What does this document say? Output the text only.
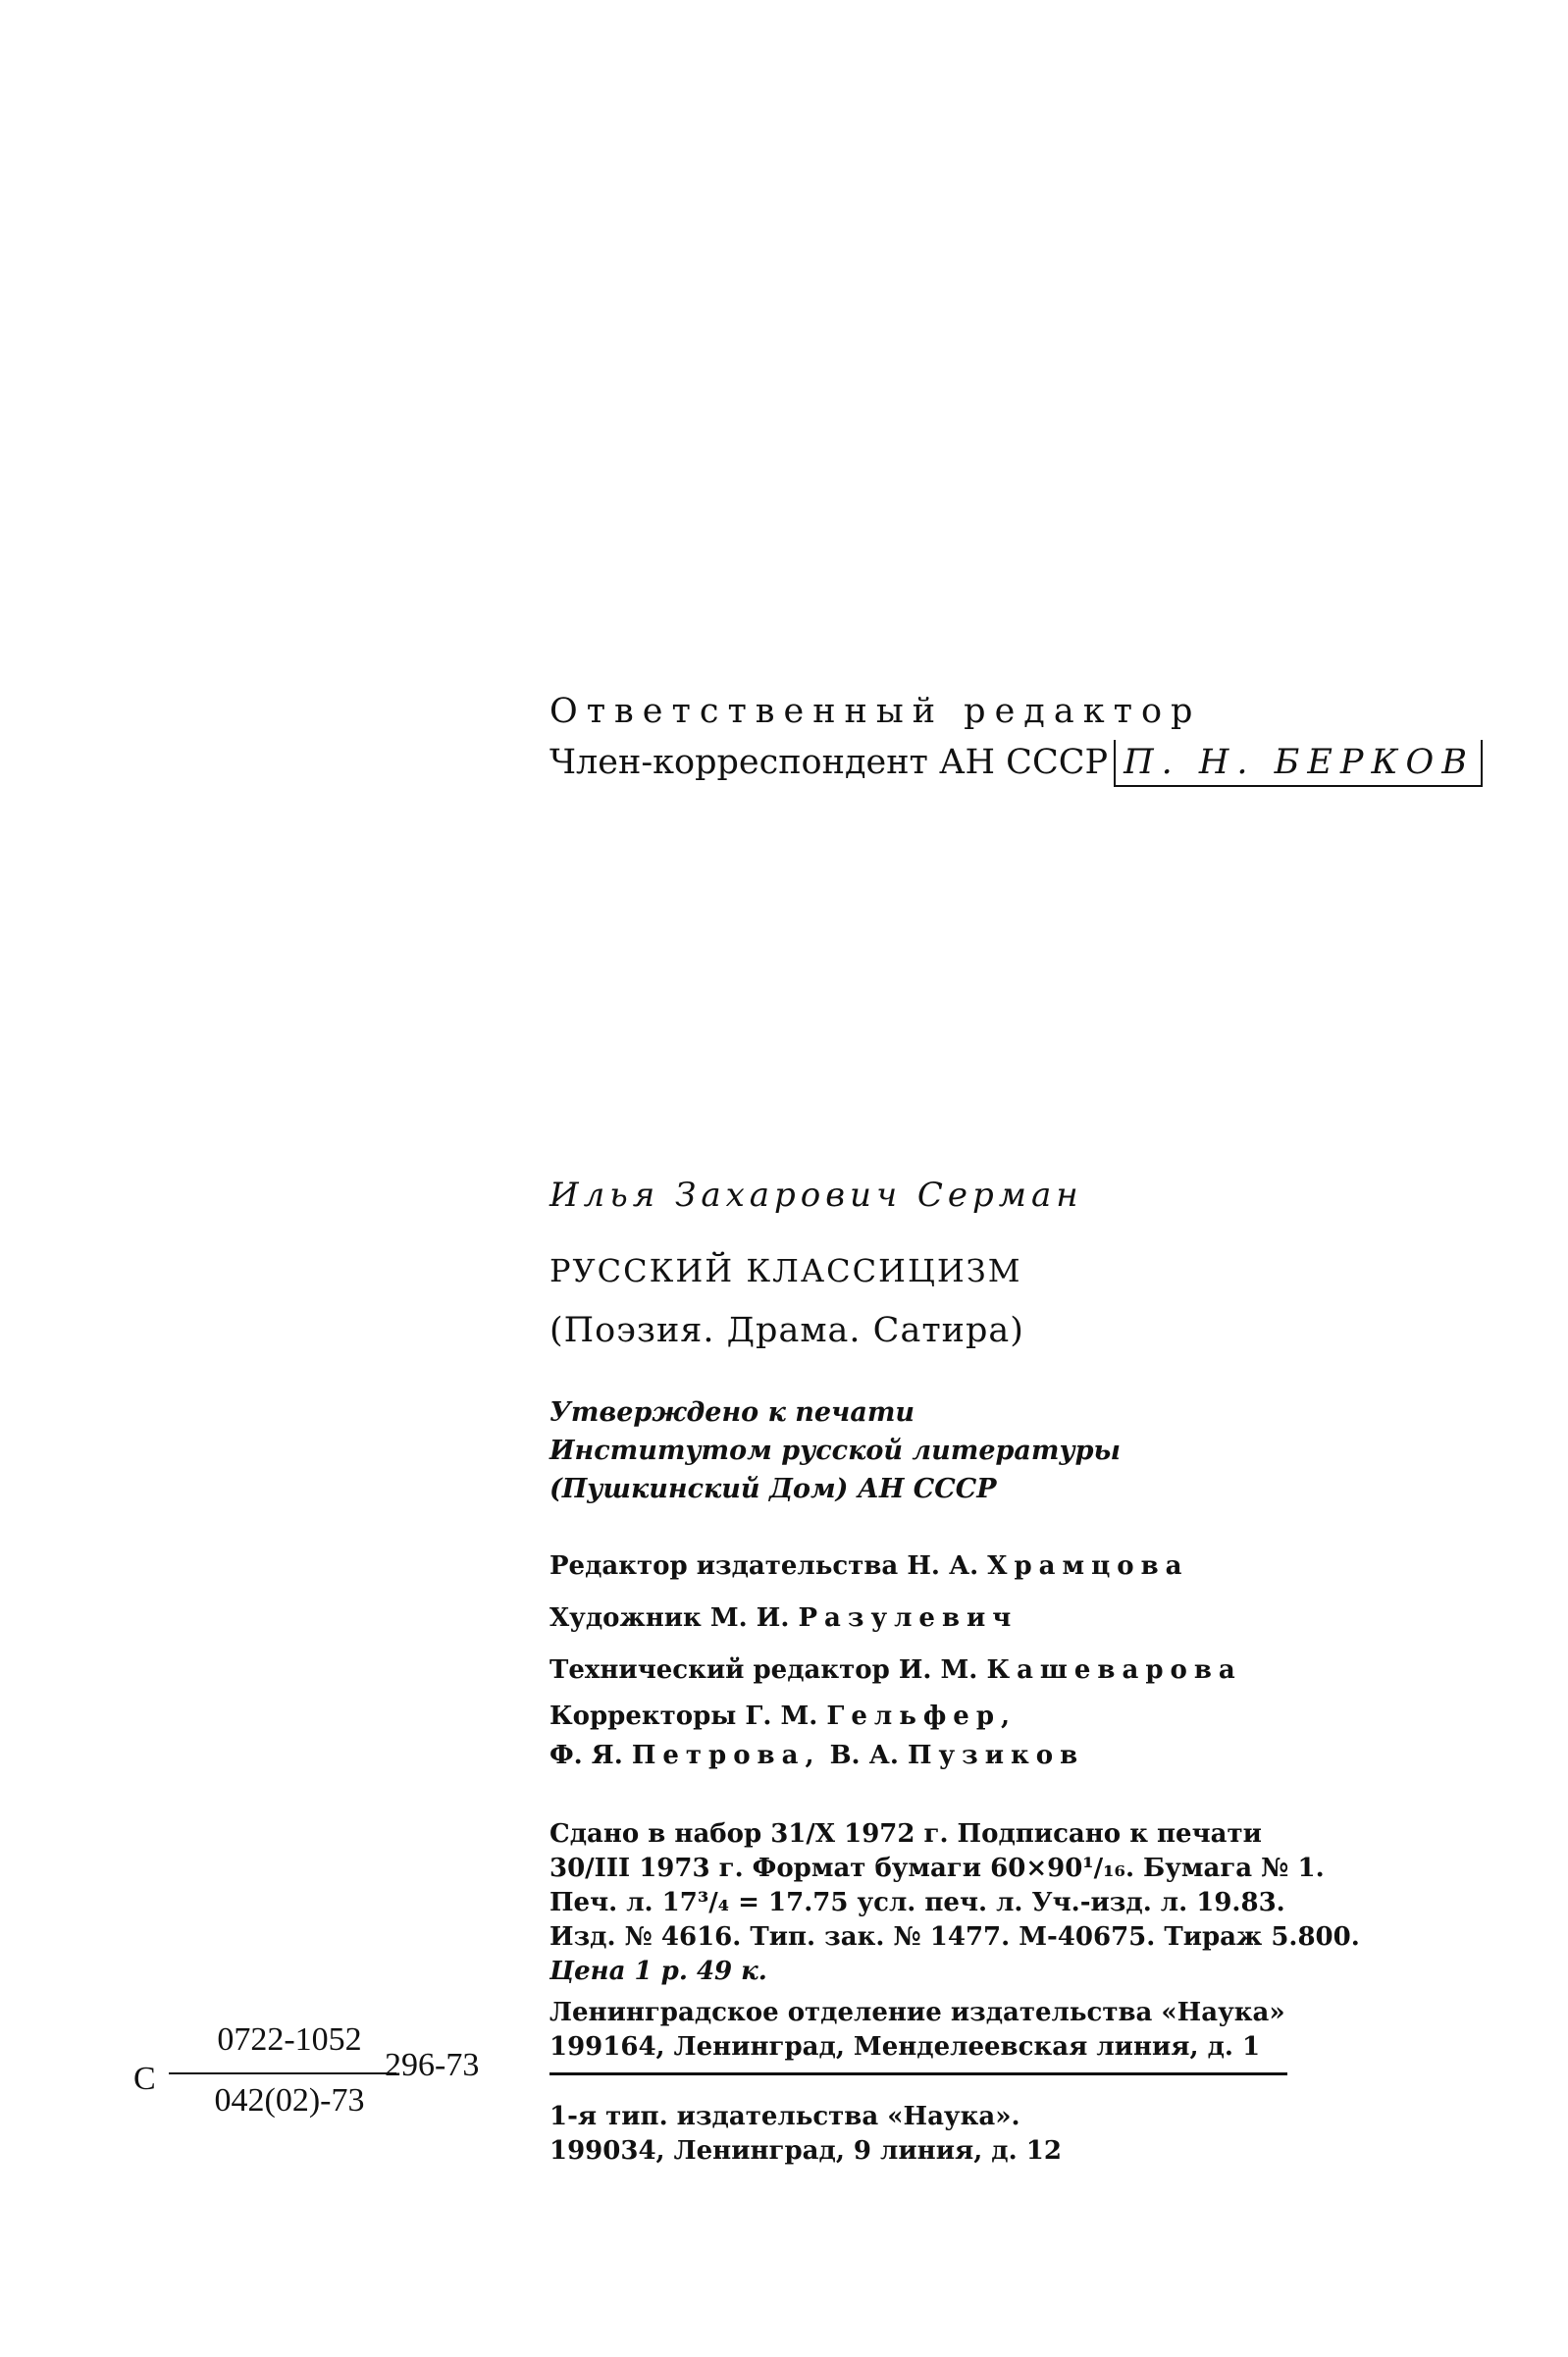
Ответственный редактор
Член-корреспондент АН СССР П. Н. БЕРКОВ
Илья Захарович Серман
РУССКИЙ КЛАССИЦИЗМ
(Поэзия. Драма. Сатира)
Утверждено к печати
Институтом русской литературы
(Пушкинский Дом) АН СССР
Редактор издательства Н. А. Храмцова
Художник М. И. Разулевич
Технический редактор И. М. Кашеварова
Корректоры Г. М. Гельфер,
Ф. Я. Петрова, В. А. Пузиков
Сдано в набор 31/X 1972 г. Подписано к печати
30/III 1973 г. Формат бумаги 60×90¹/₁₆. Бумага № 1.
Печ. л. 17³/₄ = 17.75 усл. печ. л. Уч.-изд. л. 19.83.
Изд. № 4616. Тип. зак. № 1477. М-40675. Тираж 5.800.
Цена 1 р. 49 к.
Ленинградское отделение издательства «Наука»
199164, Ленинград, Менделеевская линия, д. 1
1-я тип. издательства «Наука».
199034, Ленинград, 9 линия, д. 12
С
0722-1052
042(02)-73
296-73
